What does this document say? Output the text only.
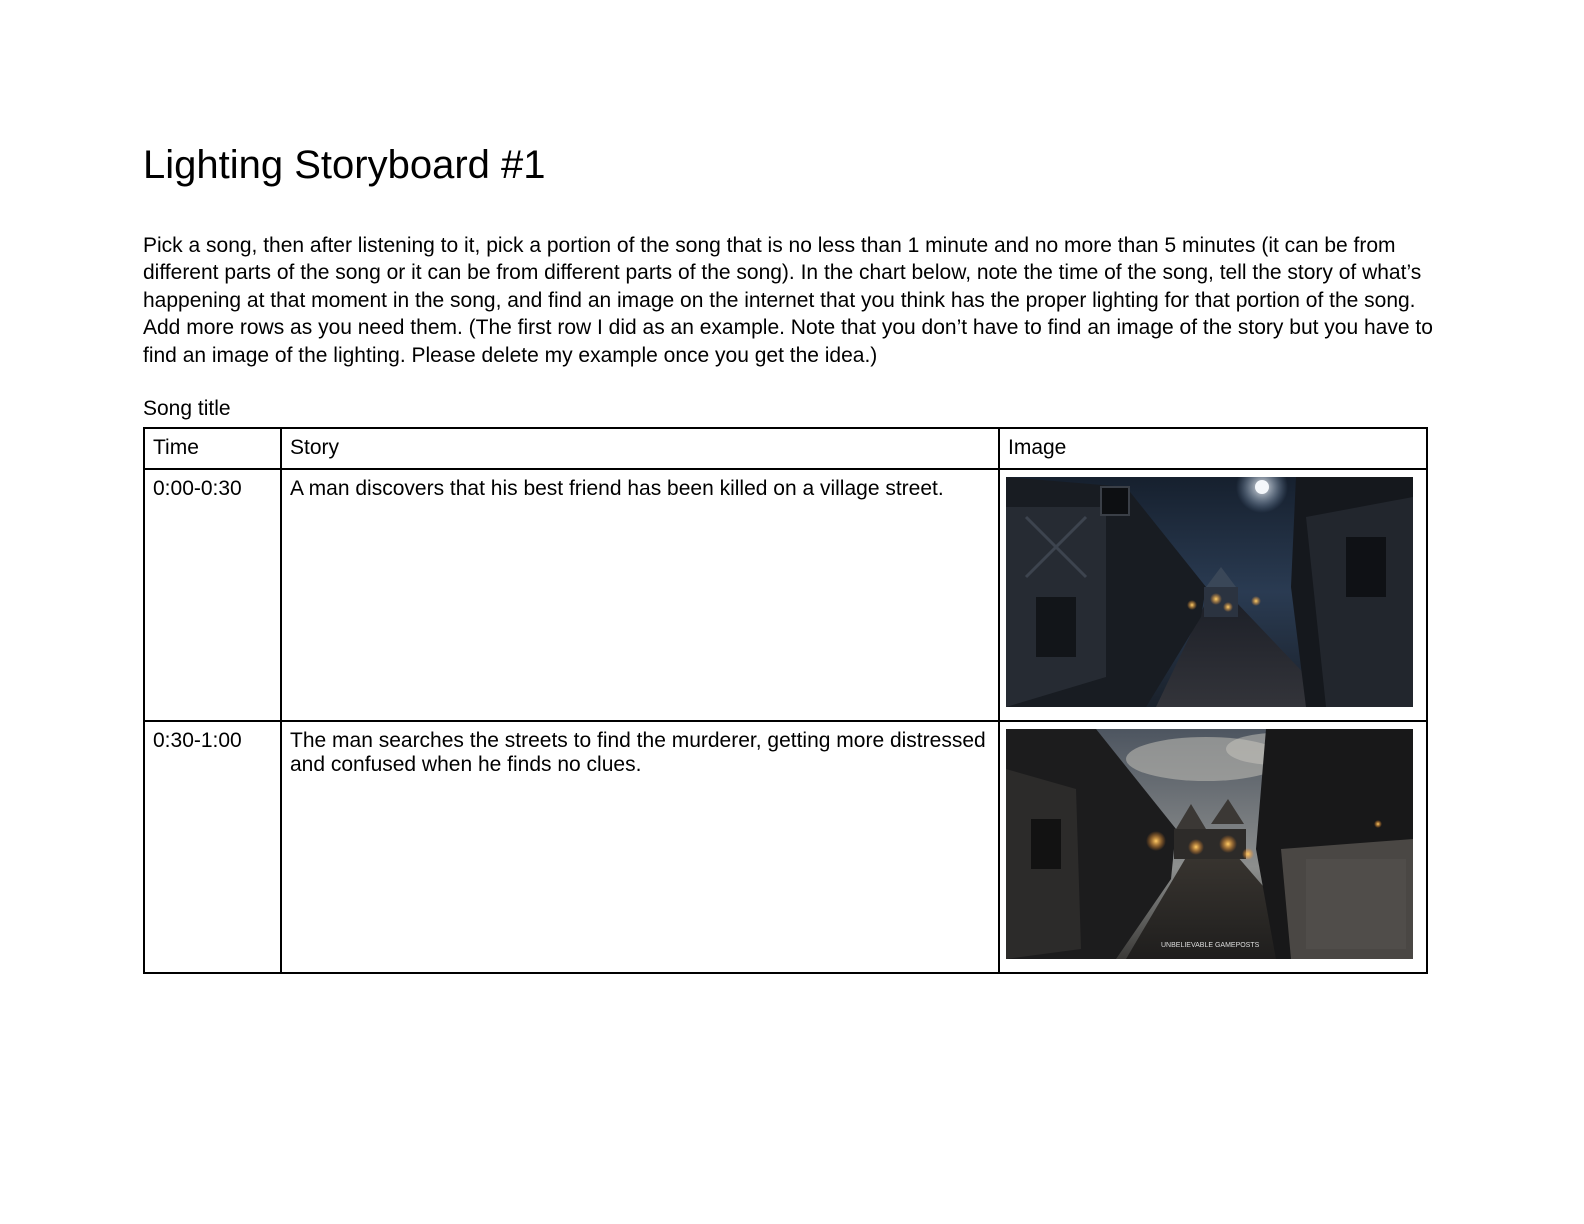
Lighting Storyboard #1

Pick a song, then after listening to it, pick a portion of the song that is no less than 1 minute and no more than 5 minutes (it can be from different parts of the song or it can be from different parts of the song). In the chart below, note the time of the song, tell the story of what’s happening at that moment in the song, and find an image on the internet that you think has the proper lighting for that portion of the song. Add more rows as you need them. (The first row I did as an example. Note that you don’t have to find an image of the story but you have to find an image of the lighting. Please delete my example once you get the idea.)

Song title

Time	Story	Image
0:00-0:30	A man discovers that his best friend has been killed on a village street.	

0:30-1:00	The man searches the streets to find the murderer, getting more distressed and confused when he finds no clues.	UNBELIEVABLE GAMEPOSTS
